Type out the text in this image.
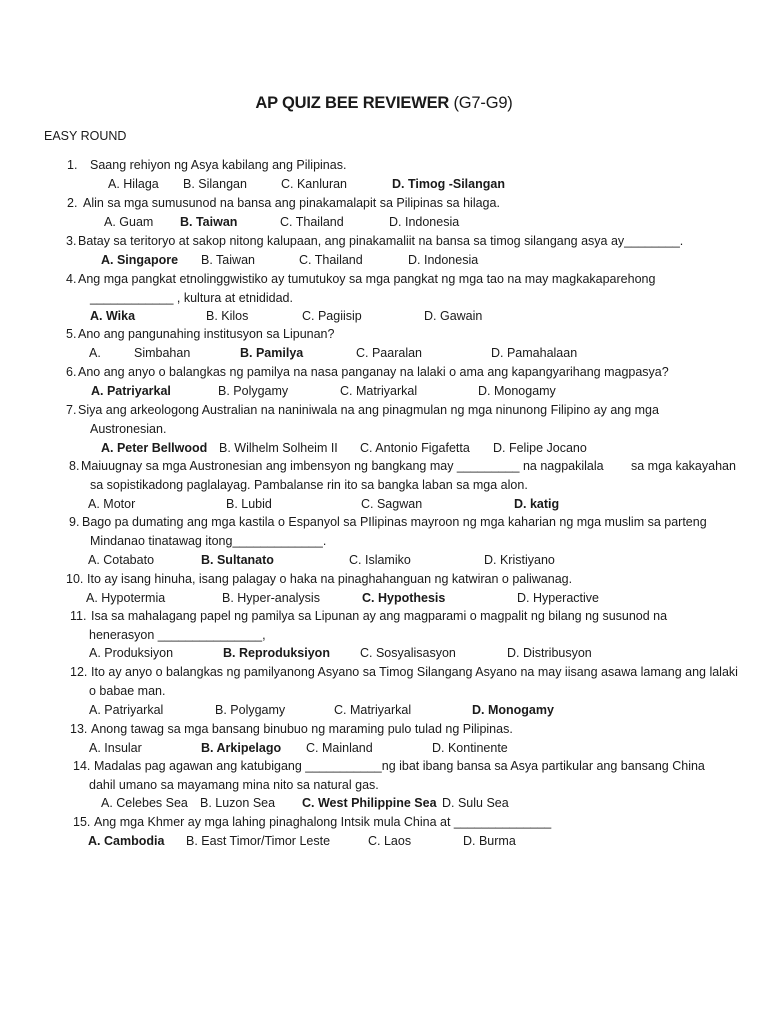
AP QUIZ BEE REVIEWER (G7-G9)
EASY ROUND
1. Saang rehiyon ng Asya kabilang ang Pilipinas.
A. Hilaga B. Silangan	C. Kanluran	D. Timog -Silangan
2. Alin sa mga sumusunod na bansa ang pinakamalapit sa Pilipinas sa hilaga.
A. Guam B. Taiwan	C. Thailand	D. Indonesia
3. Batay sa teritoryo at sakop nitong kalupaan, ang pinakamaliit na bansa sa timog silangang asya ay________.
A. Singapore B. Taiwan	C. Thailand	D. Indonesia
4. Ang mga pangkat etnolinggwistiko ay tumutukoy sa mga pangkat ng mga tao na may magkakaparehong
____________ , kultura at etnididad.
A. Wika	B. Kilos	C. Pagiisip	D. Gawain
5. Ano ang pangunahing institusyon sa Lipunan?
A.	Simbahan	B. Pamilya	C. Paaralan	D. Pamahalaan
6. Ano ang anyo o balangkas ng pamilya na nasa panganay na lalaki o ama ang kapangyarihang magpasya?
A. Patriyarkal	B. Polygamy	C. Matriyarkal	D. Monogamy
7. Siya ang arkeologong Australian na naniniwala na ang pinagmulan ng mga ninunong Filipino ay ang mga
Austronesian.
A. Peter Bellwood B. Wilhelm Solheim II C. Antonio Figafetta D. Felipe Jocano
8. Maiuugnay sa mga Austronesian ang imbensyon ng bangkang may _________ na nagpakilala sa mga kakayahan
sa sopistikadong paglalayag. Pambalanse rin ito sa bangka laban sa mga alon.
A. Motor	B. Lubid	C. Sagwan	D. katig
9. Bago pa dumating ang mga kastila o Espanyol sa PIlipinas mayroon ng mga kaharian ng mga muslim sa parteng
Mindanao tinatawag itong_____________.
A. Cotabato	B. Sultanato	C. Islamiko	D. Kristiyano
10. Ito ay isang hinuha, isang palagay o haka na pinaghahanguan ng katwiran o paliwanag.
A. Hypotermia	B. Hyper-analysis	C. Hypothesis	D. Hyperactive
11. Isa sa mahalagang papel ng pamilya sa Lipunan ay ang magparami o magpalit ng bilang ng susunod na
henerasyon _______________,
A. Produksiyon	B. Reproduksiyon C. Sosyalisasyon	D. Distribusyon
12. Ito ay anyo o balangkas ng pamilyanong Asyano sa Timog Silangang Asyano na may iisang asawa lamang ang lalaki
o babae man.
A. Patriyarkal	B. Polygamy	C. Matriyarkal	D. Monogamy
13. Anong tawag sa mga bansang binubuo ng maraming pulo tulad ng Pilipinas.
A. Insular	B. Arkipelago C. Mainland	D. Kontinente
14. Madalas pag agawan ang katubigang ___________ng ibat ibang bansa sa Asya partikular ang bansang China
dahil umano sa mayamang mina nito sa natural gas.
A. Celebes Sea B. Luzon Sea C. West Philippine Sea D. Sulu Sea
15. Ang mga Khmer ay mga lahing pinaghalong Intsik mula China at ______________
A. Cambodia B. East Timor/Timor Leste	C. Laos	D. Burma
